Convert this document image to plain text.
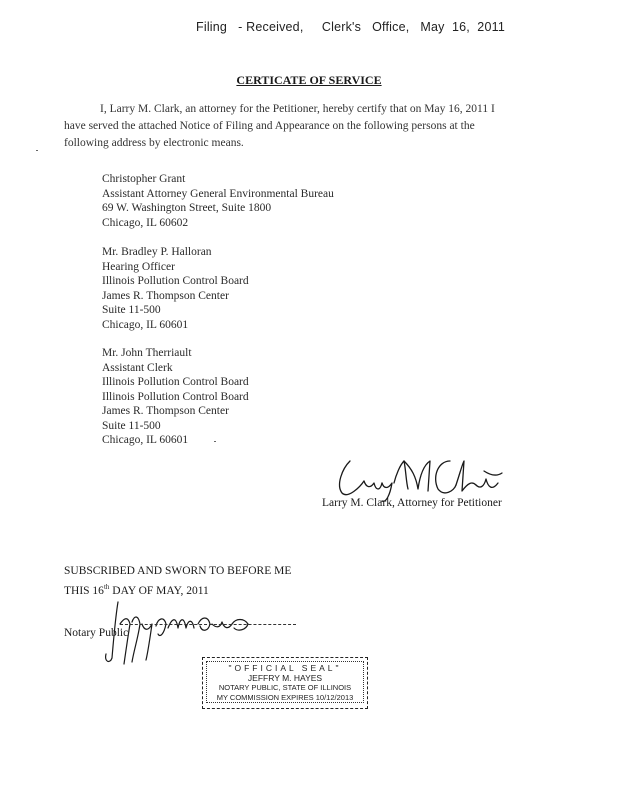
Filing   - Received,     Clerk's   Office,   May  16,  2011
CERTICATE OF SERVICE

I, Larry M. Clark, an attorney for the Petitioner, hereby certify that on May 16, 2011 I have served the attached Notice of Filing and Appearance on the following persons at the following address by electronic means.

Christopher Grant
Assistant Attorney General Environmental Bureau
69 W. Washington Street, Suite 1800
Chicago, IL 60602
Mr. Bradley P. Halloran
Hearing Officer
Illinois Pollution Control Board
James R. Thompson Center
Suite 11-500
Chicago, IL 60601
Mr. John Therriault
Assistant Clerk
Illinois Pollution Control Board
Illinois Pollution Control Board
James R. Thompson Center
Suite 11-500
Chicago, IL 60601
Larry M. Clark, Attorney for Petitioner
SUBSCRIBED AND SWORN TO BEFORE ME
THIS 16th DAY OF MAY, 2011
Notary Public
"OFFICIAL SEAL"
JEFFRY M. HAYES
NOTARY PUBLIC, STATE OF ILLINOIS
MY COMMISSION EXPIRES 10/12/2013
